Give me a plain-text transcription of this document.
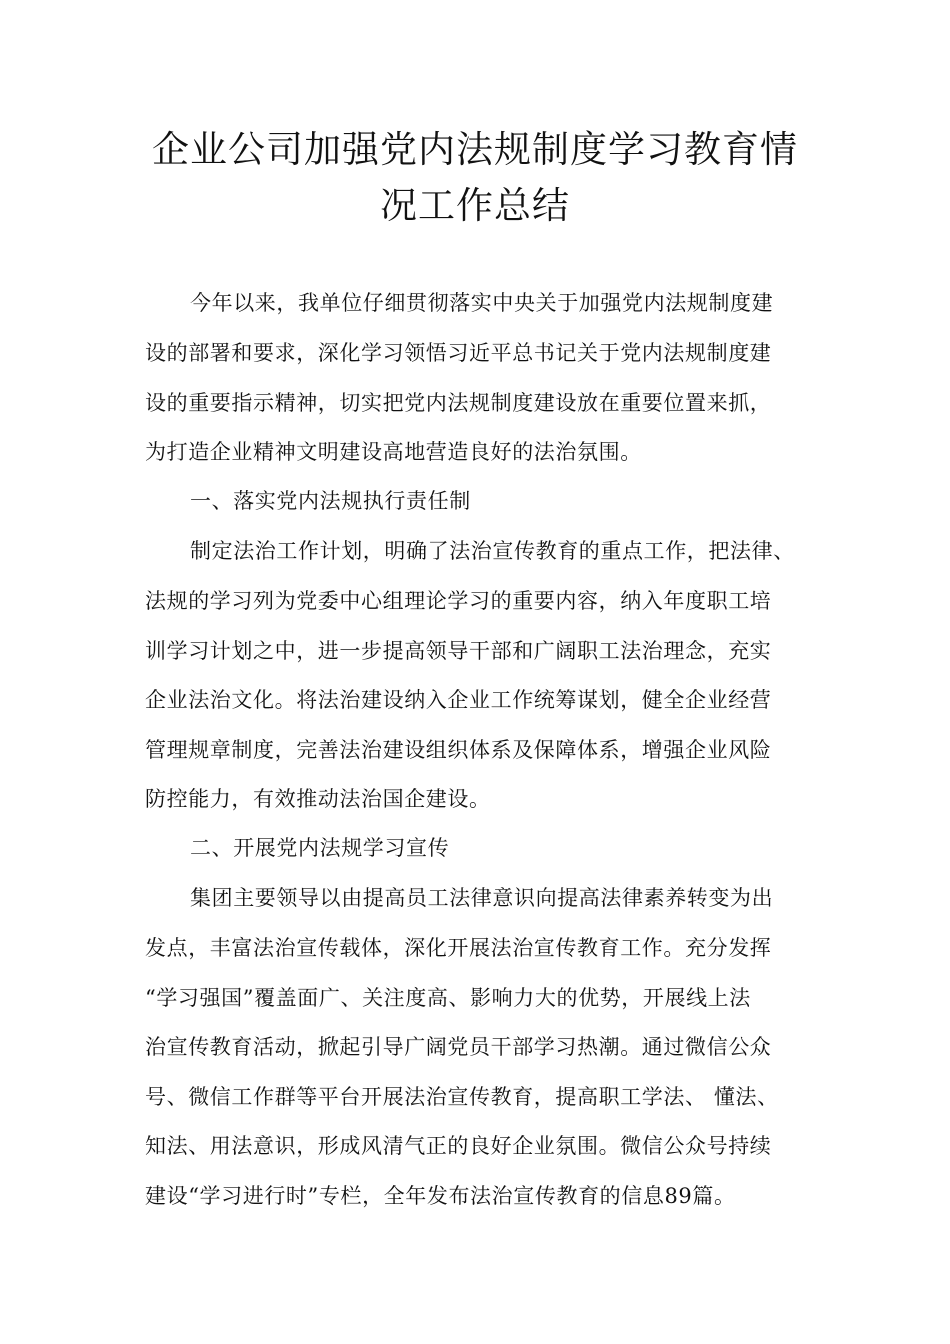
企业公司加强党内法规制度学习教育情
况工作总结
今年以来，我单位仔细贯彻落实中央关于加强党内法规制度建
设的部署和要求，深化学习领悟习近平总书记关于党内法规制度建
设的重要指示精神，切实把党内法规制度建设放在重要位置来抓，
为打造企业精神文明建设高地营造良好的法治氛围。
一、落实党内法规执行责任制
制定法治工作计划，明确了法治宣传教育的重点工作，把法律、
法规的学习列为党委中心组理论学习的重要内容，纳入年度职工培
训学习计划之中，进一步提高领导干部和广阔职工法治理念，充实
企业法治文化。将法治建设纳入企业工作统筹谋划，健全企业经营
管理规章制度，完善法治建设组织体系及保障体系，增强企业风险
防控能力，有效推动法治国企建设。
二、开展党内法规学习宣传
集团主要领导以由提高员工法律意识向提高法律素养转变为出
发点，丰富法治宣传载体，深化开展法治宣传教育工作。充分发挥
“学习强国”覆盖面广、关注度高、影响力大的优势，开展线上法
治宣传教育活动，掀起引导广阔党员干部学习热潮。通过微信公众
号、微信工作群等平台开展法治宣传教育，提高职工学法、 懂法、
知法、用法意识，形成风清气正的良好企业氛围。微信公众号持续
建设“学习进行时”专栏，全年发布法治宣传教育的信息89篇。
